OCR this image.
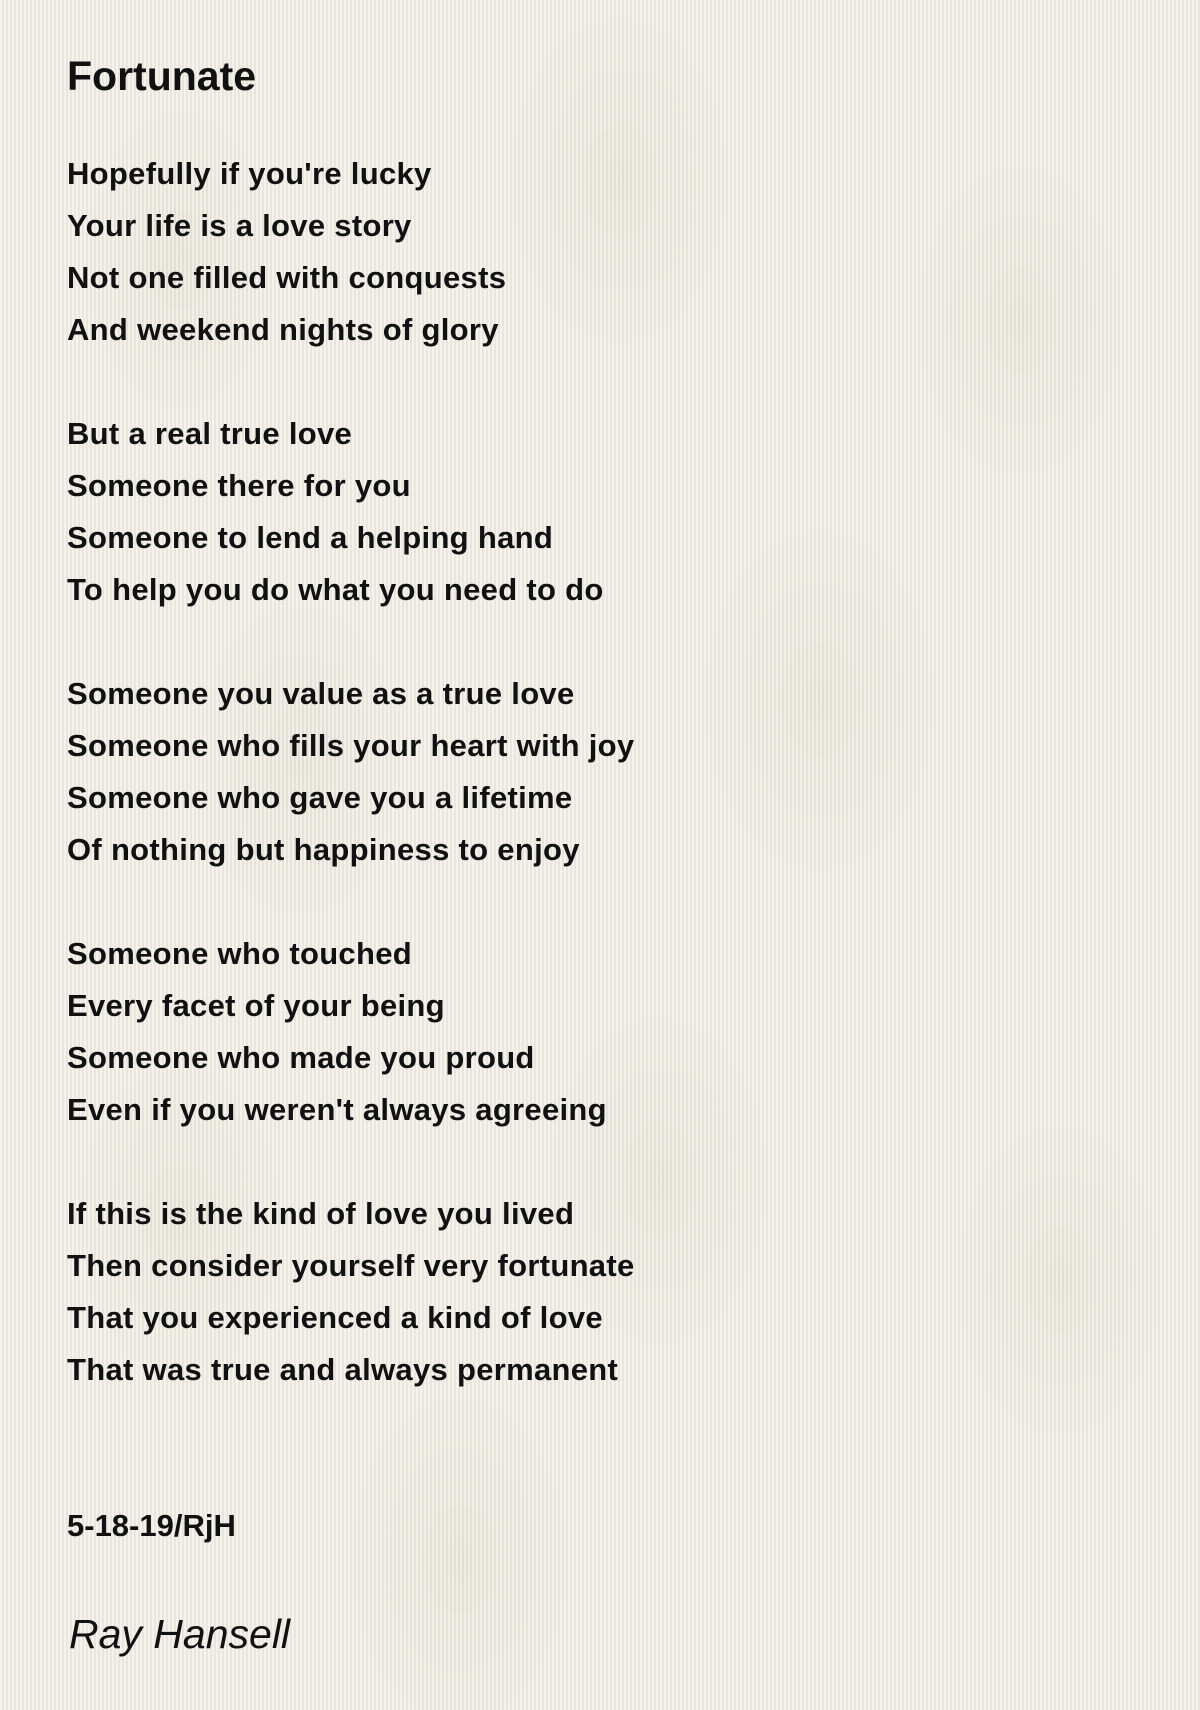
Fortunate
Hopefully if you're lucky
Your life is a love story
Not one filled with conquests
And weekend nights of glory
But a real true love
Someone there for you
Someone to lend a helping hand
To help you do what you need to do
Someone you value as a true love
Someone who fills your heart with joy
Someone who gave you a lifetime
Of nothing but happiness to enjoy
Someone who touched
Every facet of your being
Someone who made you proud
Even if you weren't always agreeing
If this is the kind of love you lived
Then consider yourself very fortunate
That you experienced a kind of love
That was true and always permanent
5-18-19/RjH
Ray Hansell
